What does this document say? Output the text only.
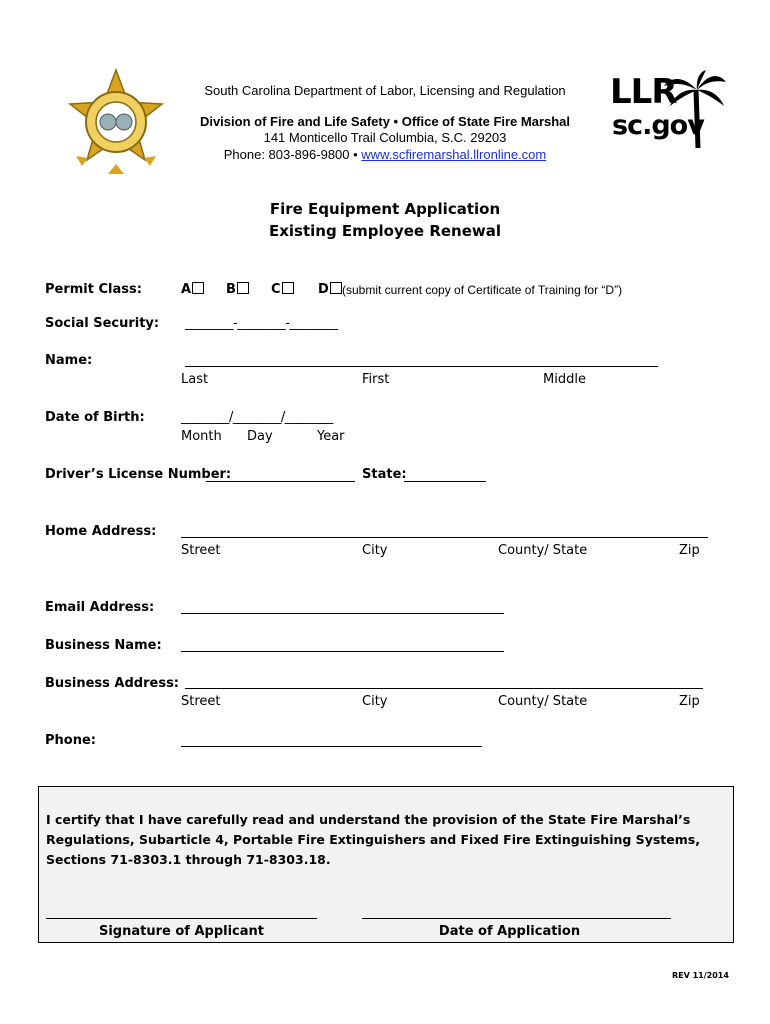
South Carolina Department of Labor, Licensing and Regulation
Division of Fire and Life Safety • Office of State Fire Marshal
141 Monticello Trail Columbia, S.C. 29203
Phone: 803-896-9800 • www.scfiremarshal.llronline.com
LLR
sc.gov
Fire Equipment Application
Existing Employee Renewal
Permit Class:	A	B	C	D	(submit current copy of Certificate of Training for “D”)
Social Security: ________-________-________
Name:
Last	First	Middle
Date of Birth:	________/________/________
Month Day	Year
Driver’s License Number:	State:
Home Address:
Street	City	County/ State	Zip
Email Address:
Business Name:
Business Address:
Street	City	County/ State	Zip
Phone:
I certify that I have carefully read and understand the provision of the State Fire Marshal’s Regulations, Subarticle 4, Portable Fire Extinguishers and Fixed Fire Extinguishing Systems, Sections 71-8303.1 through 71-8303.18.
Signature of Applicant	Date of Application
REV 11/2014
